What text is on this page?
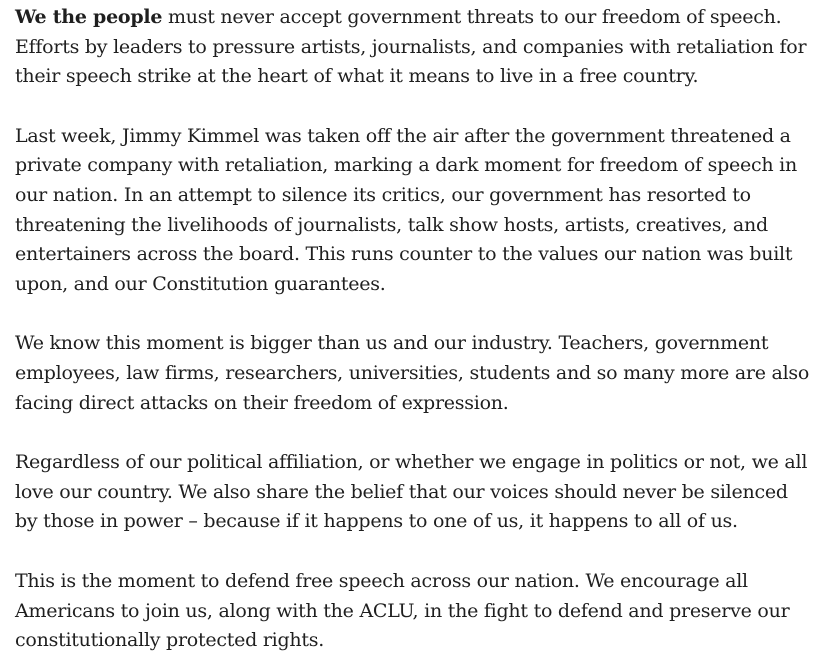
We the people must never accept government threats to our freedom of speech. Efforts by leaders to pressure artists, journalists, and companies with retaliation for their speech strike at the heart of what it means to live in a free country.

Last week, Jimmy Kimmel was taken off the air after the government threatened a private company with retaliation, marking a dark moment for freedom of speech in our nation. In an attempt to silence its critics, our government has resorted to threatening the livelihoods of journalists, talk show hosts, artists, creatives, and entertainers across the board. This runs counter to the values our nation was built upon, and our Constitution guarantees.

We know this moment is bigger than us and our industry. Teachers, government employees, law firms, researchers, universities, students and so many more are also facing direct attacks on their freedom of expression.

Regardless of our political affiliation, or whether we engage in politics or not, we all love our country. We also share the belief that our voices should never be silenced by those in power – because if it happens to one of us, it happens to all of us.

This is the moment to defend free speech across our nation. We encourage all Americans to join us, along with the ACLU, in the fight to defend and preserve our constitutionally protected rights.
